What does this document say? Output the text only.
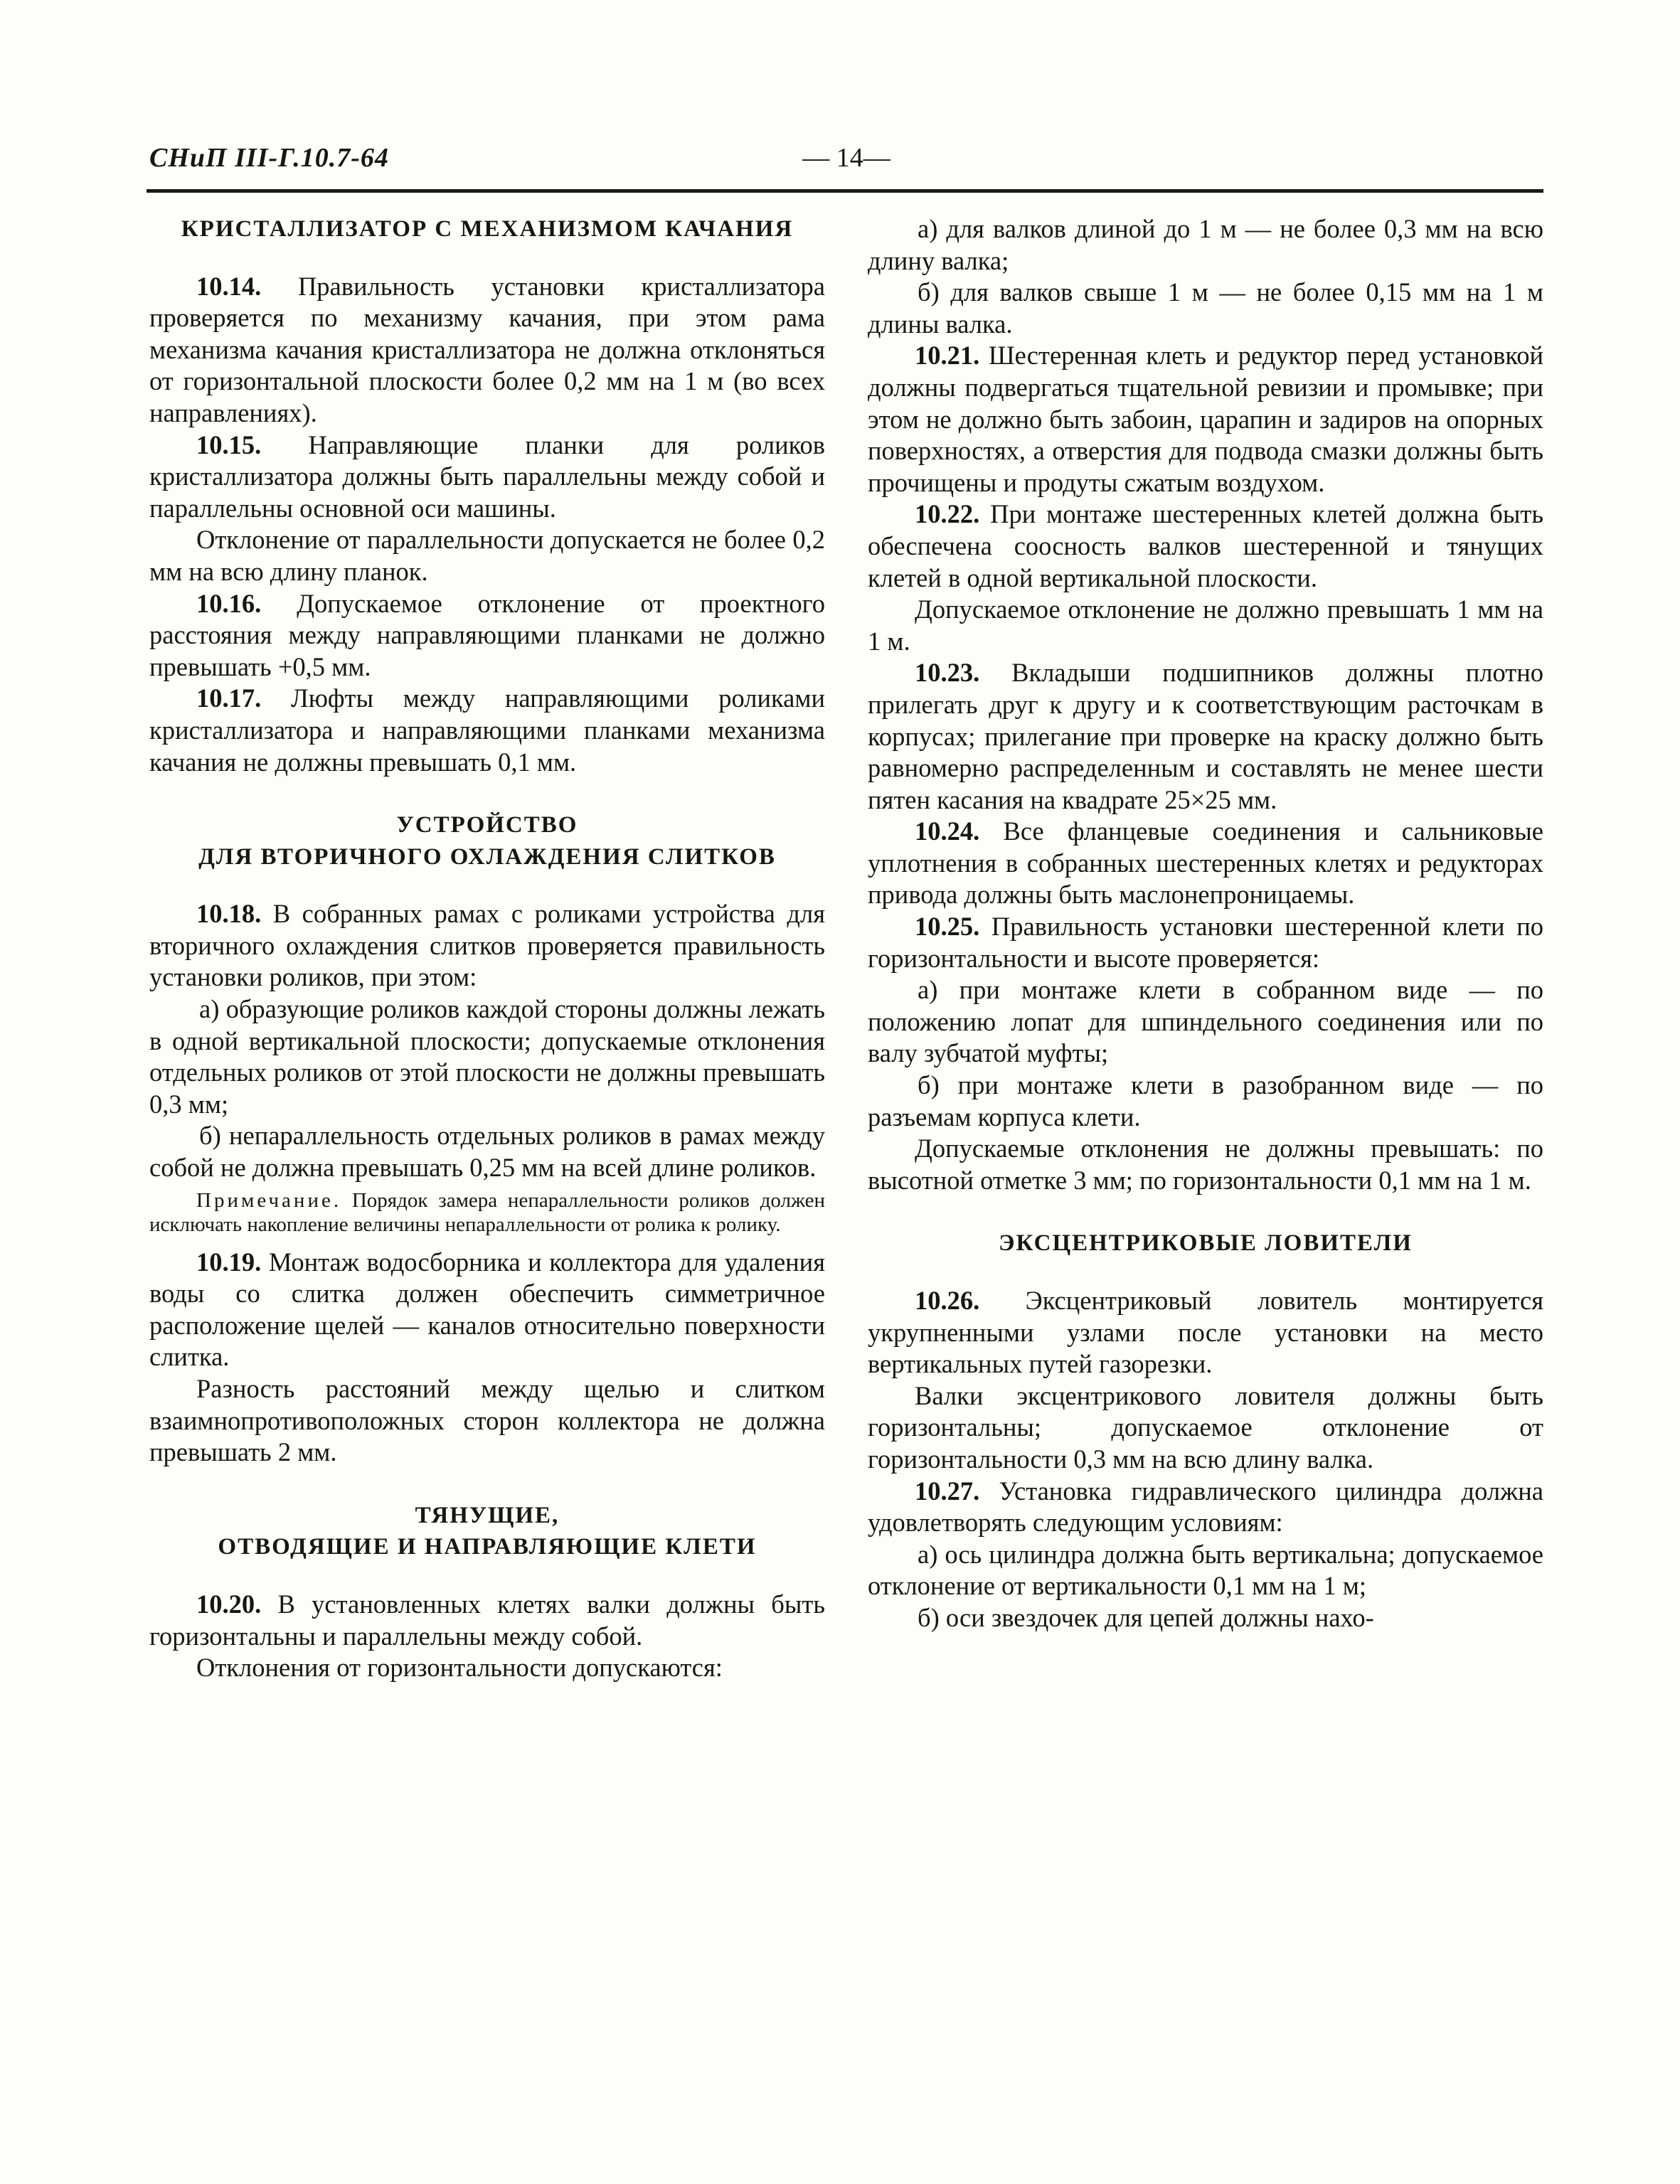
СНиП III-Г.10.7-64	— 14—
КРИСТАЛЛИЗАТОР С МЕХАНИЗМОМ КАЧАНИЯ

10.14. Правильность установки кристаллизатора проверяется по механизму качания, при этом рама механизма качания кристаллизатора не должна отклоняться от горизонтальной плоскости более 0,2 мм на 1 м (во всех направлениях).

10.15. Направляющие планки для роликов кристаллизатора должны быть параллельны между собой и параллельны основной оси машины.

Отклонение от параллельности допускается не более 0,2 мм на всю длину планок.

10.16. Допускаемое отклонение от проектного расстояния между направляющими планками не должно превышать +0,5 мм.

10.17. Люфты между направляющими роликами кристаллизатора и направляющими планками механизма качания не должны превышать 0,1 мм.

УСТРОЙСТВО
ДЛЯ ВТОРИЧНОГО ОХЛАЖДЕНИЯ СЛИТКОВ

10.18. В собранных рамах с роликами устройства для вторичного охлаждения слитков проверяется правильность установки роликов, при этом:

а) образующие роликов каждой стороны должны лежать в одной вертикальной плоскости; допускаемые отклонения отдельных роликов от этой плоскости не должны превышать 0,3 мм;

б) непараллельность отдельных роликов в рамах между собой не должна превышать 0,25 мм на всей длине роликов.

Примечание. Порядок замера непараллельности роликов должен исключать накопление величины непараллельности от ролика к ролику.

10.19. Монтаж водосборника и коллектора для удаления воды со слитка должен обеспечить симметричное расположение щелей — каналов относительно поверхности слитка.

Разность расстояний между щелью и слитком взаимнопротивоположных сторон коллектора не должна превышать 2 мм.

ТЯНУЩИЕ,
ОТВОДЯЩИЕ И НАПРАВЛЯЮЩИЕ КЛЕТИ

10.20. В установленных клетях валки должны быть горизонтальны и параллельны между собой.

Отклонения от горизонтальности допускаются:

а) для валков длиной до 1 м — не более 0,3 мм на всю длину валка;

б) для валков свыше 1 м — не более 0,15 мм на 1 м длины валка.

10.21. Шестеренная клеть и редуктор перед установкой должны подвергаться тщательной ревизии и промывке; при этом не должно быть забоин, царапин и задиров на опорных поверхностях, а отверстия для подвода смазки должны быть прочищены и продуты сжатым воздухом.

10.22. При монтаже шестеренных клетей должна быть обеспечена соосность валков шестеренной и тянущих клетей в одной вертикальной плоскости.

Допускаемое отклонение не должно превышать 1 мм на 1 м.

10.23. Вкладыши подшипников должны плотно прилегать друг к другу и к соответствующим расточкам в корпусах; прилегание при проверке на краску должно быть равномерно распределенным и составлять не менее шести пятен касания на квадрате 25×25 мм.

10.24. Все фланцевые соединения и сальниковые уплотнения в собранных шестеренных клетях и редукторах привода должны быть маслонепроницаемы.

10.25. Правильность установки шестеренной клети по горизонтальности и высоте проверяется:

а) при монтаже клети в собранном виде — по положению лопат для шпиндельного соединения или по валу зубчатой муфты;

б) при монтаже клети в разобранном виде — по разъемам корпуса клети.

Допускаемые отклонения не должны превышать: по высотной отметке 3 мм; по горизонтальности 0,1 мм на 1 м.

ЭКСЦЕНТРИКОВЫЕ ЛОВИТЕЛИ

10.26. Эксцентриковый ловитель монтируется укрупненными узлами после установки на место вертикальных путей газорезки.

Валки эксцентрикового ловителя должны быть горизонтальны; допускаемое отклонение от горизонтальности 0,3 мм на всю длину валка.

10.27. Установка гидравлического цилиндра должна удовлетворять следующим условиям:

а) ось цилиндра должна быть вертикальна; допускаемое отклонение от вертикальности 0,1 мм на 1 м;

б) оси звездочек для цепей должны нахо-
